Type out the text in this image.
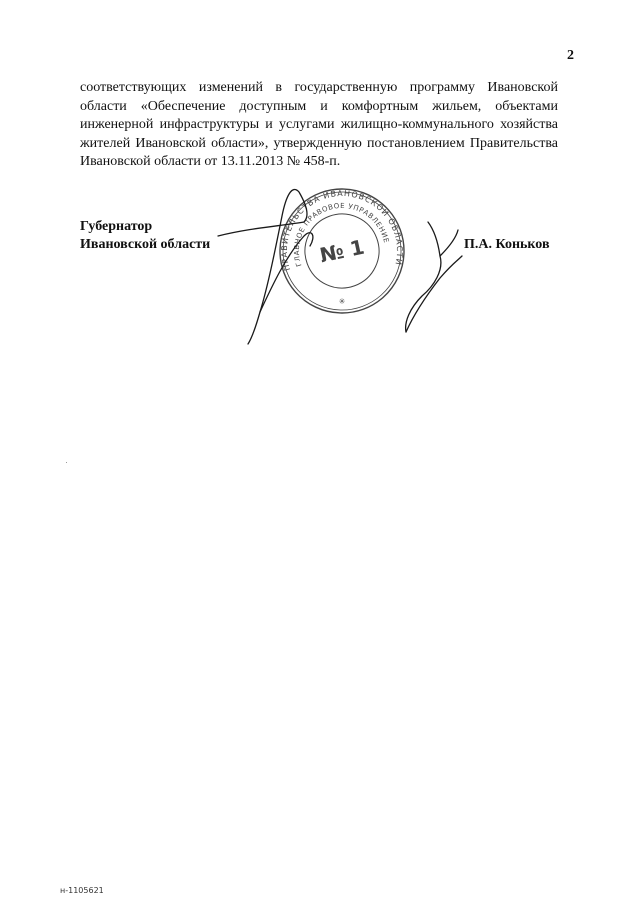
2

соответствующих изменений в государственную программу Ивановской области «Обеспечение доступным и комфортным жильем, объектами инженерной инфраструктуры и услугами жилищно-коммунального хозяйства жителей Ивановской области», утвержденную постановлением Правительства Ивановской области от 13.11.2013 № 458-п.

Губернатор
Ивановской области
ПРАВИТЕЛЬСТВА ИВАНОВСКОЙ ОБЛАСТИ
ГЛАВНОЕ ПРАВОВОЕ УПРАВЛЕНИЕ
№ 1
✳
П.А. Коньков
н-1105621
